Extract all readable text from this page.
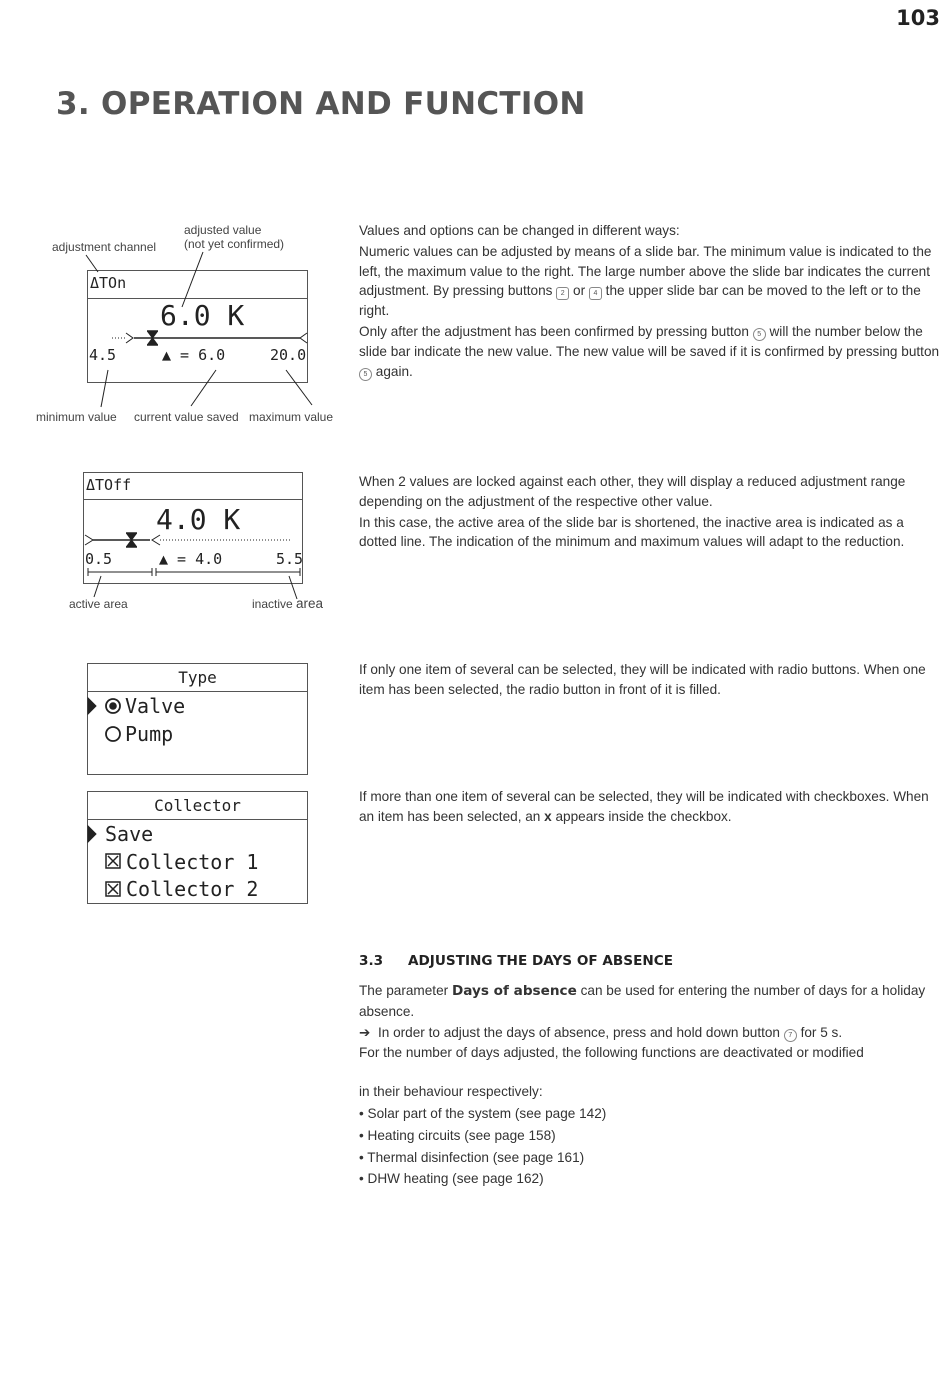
103
3. OPERATION AND FUNCTION
adjustment channel
adjusted value
(not yet confirmed)
ΔTOn
6.0 K
4.5	▲ = 6.0	20.0
minimum value current value saved maximum value
ΔTOff
4.0 K
0.5	▲ = 4.0	5.5
active area	inactive area
Type
Valve
Pump
Collector
Save
Collector 1
Collector 2

Values and options can be changed in different ways:

Numeric values can be adjusted by means of a slide bar. The minimum value is indicated to the left, the maximum value to the right. The large number above the slide bar indicates the current adjustment. By pressing buttons 2 or 4 the upper slide bar can be moved to the left or to the right.

Only after the adjustment has been confirmed by pressing button 5 will the number below the slide bar indicate the new value. The new value will be saved if it is confirmed by pressing button
5 again.

When 2 values are locked against each other, they will display a reduced adjustment range depending on the adjustment of the respective other value.

In this case, the active area of the slide bar is shortened, the inactive area is indicated as a dotted line. The indication of the minimum and maximum values will adapt to the reduction.

If only one item of several can be selected, they will be indicated with radio buttons. When one item has been selected, the radio button in front of it is filled.

If more than one item of several can be selected, they will be indicated with checkboxes. When an item has been selected, an x appears inside the checkbox.

3.3 ADJUSTING THE DAYS OF ABSENCE

The parameter Days of absence can be used for entering the number of days for a holiday absence.

➔ In order to adjust the days of absence, press and hold down button 7 for 5 s.

For the number of days adjusted, the following functions are deactivated or modified

in their behaviour respectively:

• Solar part of the system (see page 142)
• Heating circuits (see page 158)
• Thermal disinfection (see page 161)
• DHW heating (see page 162)
